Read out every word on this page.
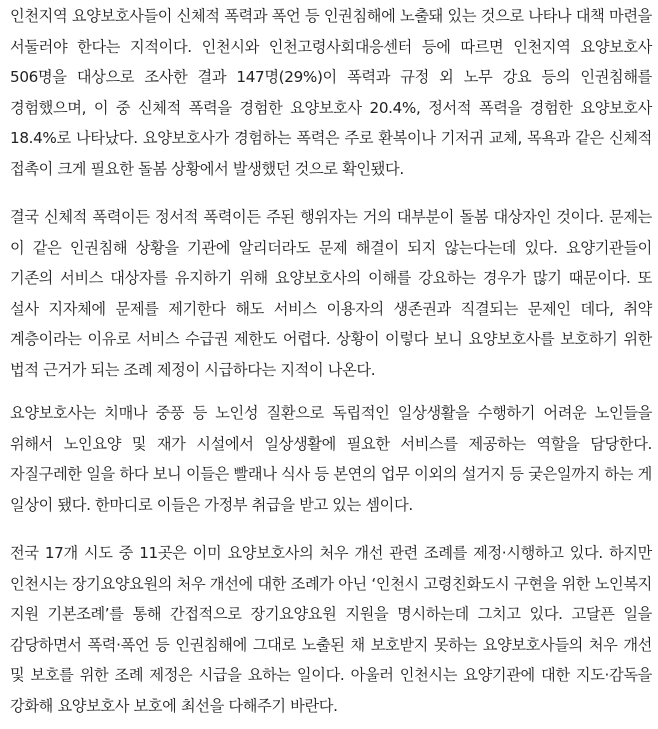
인천지역 요양보호사들이 신체적 폭력과 폭언 등 인권침해에 노출돼 있는 것으로 나타나 대책 마련을 서둘러야 한다는 지적이다. 인천시와 인천고령사회대응센터 등에 따르면 인천지역 요양보호사 506명을 대상으로 조사한 결과 147명(29%)이 폭력과 규정 외 노무 강요 등의 인권침해를 경험했으며, 이 중 신체적 폭력을 경험한 요양보호사 20.4%, 정서적 폭력을 경험한 요양보호사 18.4%로 나타났다. 요양보호사가 경험하는 폭력은 주로 환복이나 기저귀 교체, 목욕과 같은 신체적 접촉이 크게 필요한 돌봄 상황에서 발생했던 것으로 확인됐다.

결국 신체적 폭력이든 정서적 폭력이든 주된 행위자는 거의 대부분이 돌봄 대상자인 것이다. 문제는 이 같은 인권침해 상황을 기관에 알리더라도 문제 해결이 되지 않는다는데 있다. 요양기관들이 기존의 서비스 대상자를 유지하기 위해 요양보호사의 이해를 강요하는 경우가 많기 때문이다. 또 설사 지자체에 문제를 제기한다 해도 서비스 이용자의 생존권과 직결되는 문제인 데다, 취약 계층이라는 이유로 서비스 수급권 제한도 어렵다. 상황이 이렇다 보니 요양보호사를 보호하기 위한 법적 근거가 되는 조례 제정이 시급하다는 지적이 나온다.

요양보호사는 치매나 중풍 등 노인성 질환으로 독립적인 일상생활을 수행하기 어려운 노인들을 위해서 노인요양 및 재가 시설에서 일상생활에 필요한 서비스를 제공하는 역할을 담당한다. 자질구레한 일을 하다 보니 이들은 빨래나 식사 등 본연의 업무 이외의 설거지 등 궂은일까지 하는 게 일상이 됐다. 한마디로 이들은 가정부 취급을 받고 있는 셈이다.

전국 17개 시도 중 11곳은 이미 요양보호사의 처우 개선 관련 조례를 제정·시행하고 있다. 하지만 인천시는 장기요양요원의 처우 개선에 대한 조례가 아닌 ‘인천시 고령친화도시 구현을 위한 노인복지 지원 기본조례’를 통해 간접적으로 장기요양요원 지원을 명시하는데 그치고 있다. 고달픈 일을 감당하면서 폭력·폭언 등 인권침해에 그대로 노출된 채 보호받지 못하는 요양보호사들의 처우 개선 및 보호를 위한 조례 제정은 시급을 요하는 일이다. 아울러 인천시는 요양기관에 대한 지도·감독을 강화해 요양보호사 보호에 최선을 다해주기 바란다.
